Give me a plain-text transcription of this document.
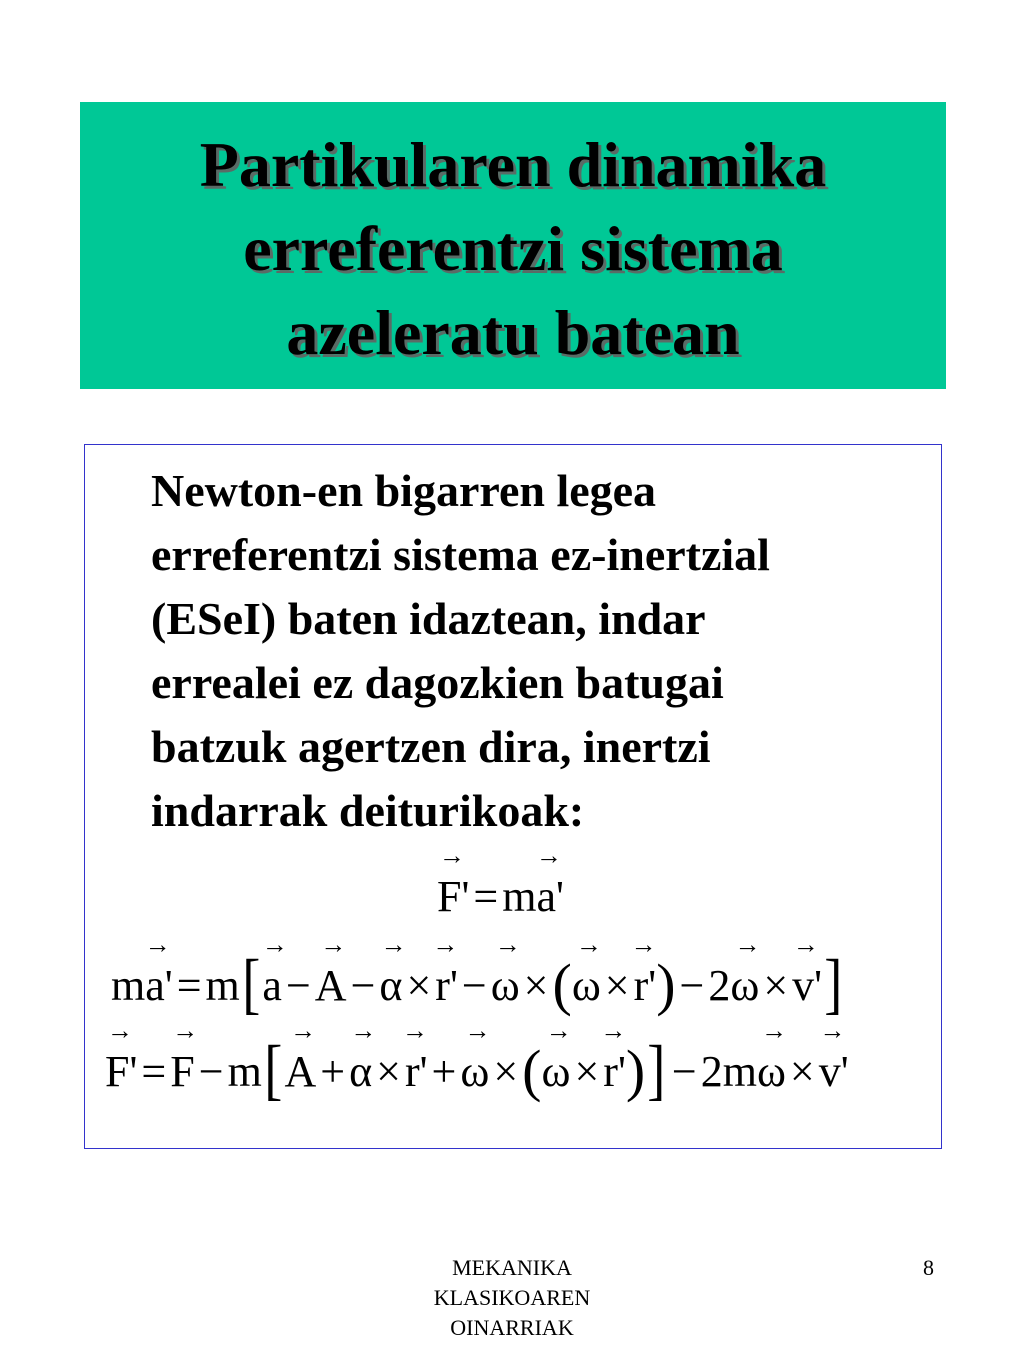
Partikularen dinamika
erreferentzi sistema
azeleratu batean
Newton-en bigarren legea
erreferentzi sistema ez-inertzial
(ESeI) baten idaztean, indar
errealei ez dagozkien batugai
batzuk agertzen dira, inertzi
indarrak deiturikoak:
→ F'=m→ a'
m→ a'=m[→ a−→ A−→ α×→ r'−→ ω×(→ ω×→ r')−2→ ω×→ v']
→ F'=→ F−m[→ A+→ α×→ r'+→ ω×(→ ω×→ r')] −2m→ ω×→ v'
MEKANIKA
KLASIKOAREN
OINARRIAK
8
